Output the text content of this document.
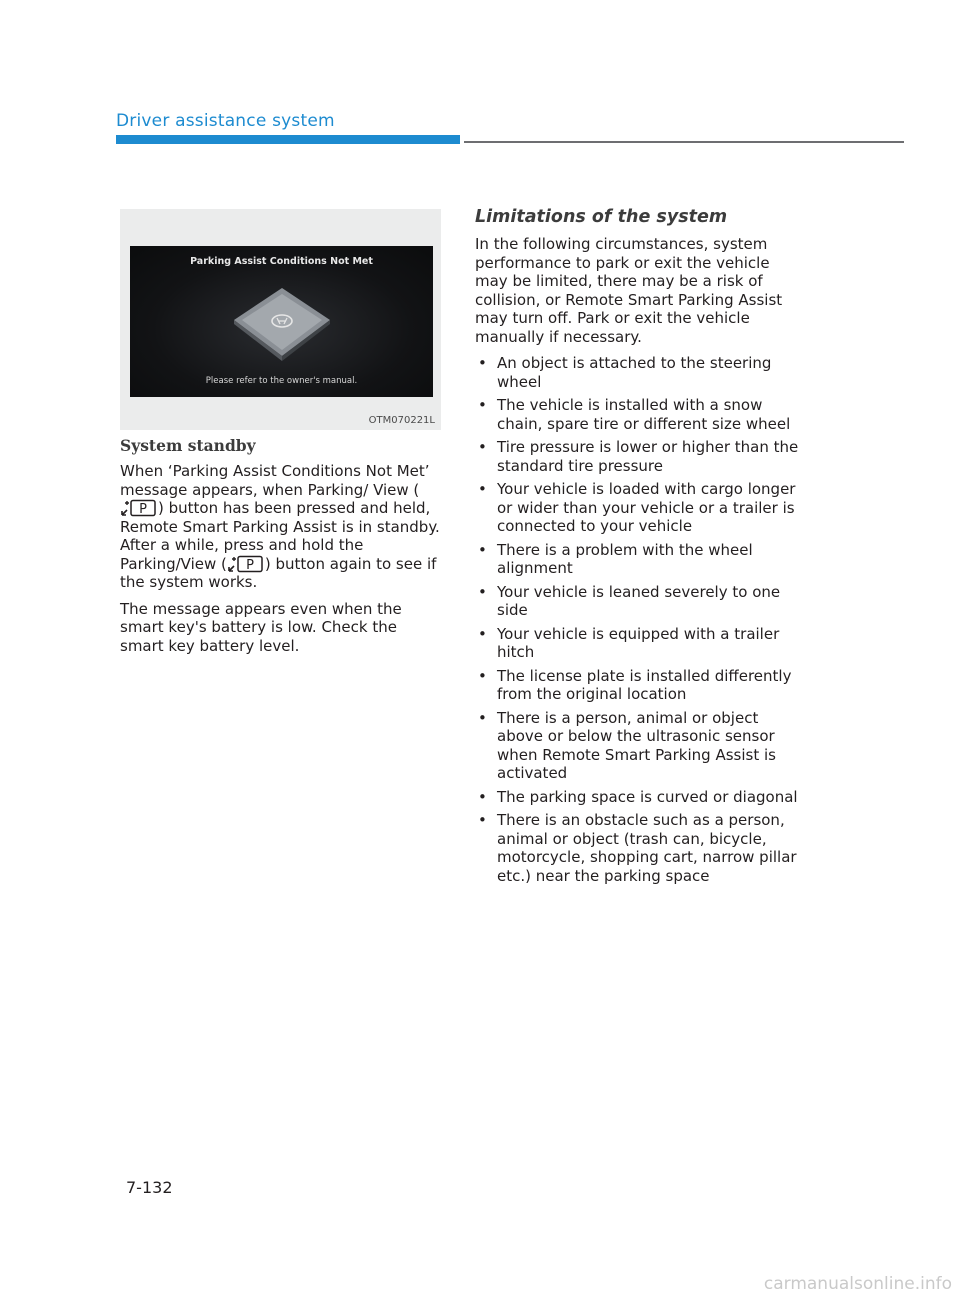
Driver assistance system
Parking Assist Conditions Not Met
Please refer to the owner's manual.
OTM070221L
System standby

When ‘Parking Assist Conditions Not Met’ message appears, when Parking/ View (
P ) button has been pressed and held, Remote Smart Parking Assist is in standby. After a while, press and hold the Parking/View ( P ) button again to see if the system works.

The message appears even when the smart key's battery is low. Check the smart key battery level.

Limitations of the system

In the following circumstances, system performance to park or exit the vehicle may be limited, there may be a risk of collision, or Remote Smart Parking Assist may turn off. Park or exit the vehicle manually if necessary.

• An object is attached to the steering wheel
• The vehicle is installed with a snow chain, spare tire or different size wheel
• Tire pressure is lower or higher than the standard tire pressure
• Your vehicle is loaded with cargo longer or wider than your vehicle or a trailer is connected to your vehicle
• There is a problem with the wheel alignment
• Your vehicle is leaned severely to one side
• Your vehicle is equipped with a trailer hitch
• The license plate is installed differently from the original location
• There is a person, animal or object above or below the ultrasonic sensor when Remote Smart Parking Assist is activated
• The parking space is curved or diagonal
• There is an obstacle such as a person, animal or object (trash can, bicycle, motorcycle, shopping cart, narrow pillar etc.) near the parking space
7-132
carmanualsonline.info
